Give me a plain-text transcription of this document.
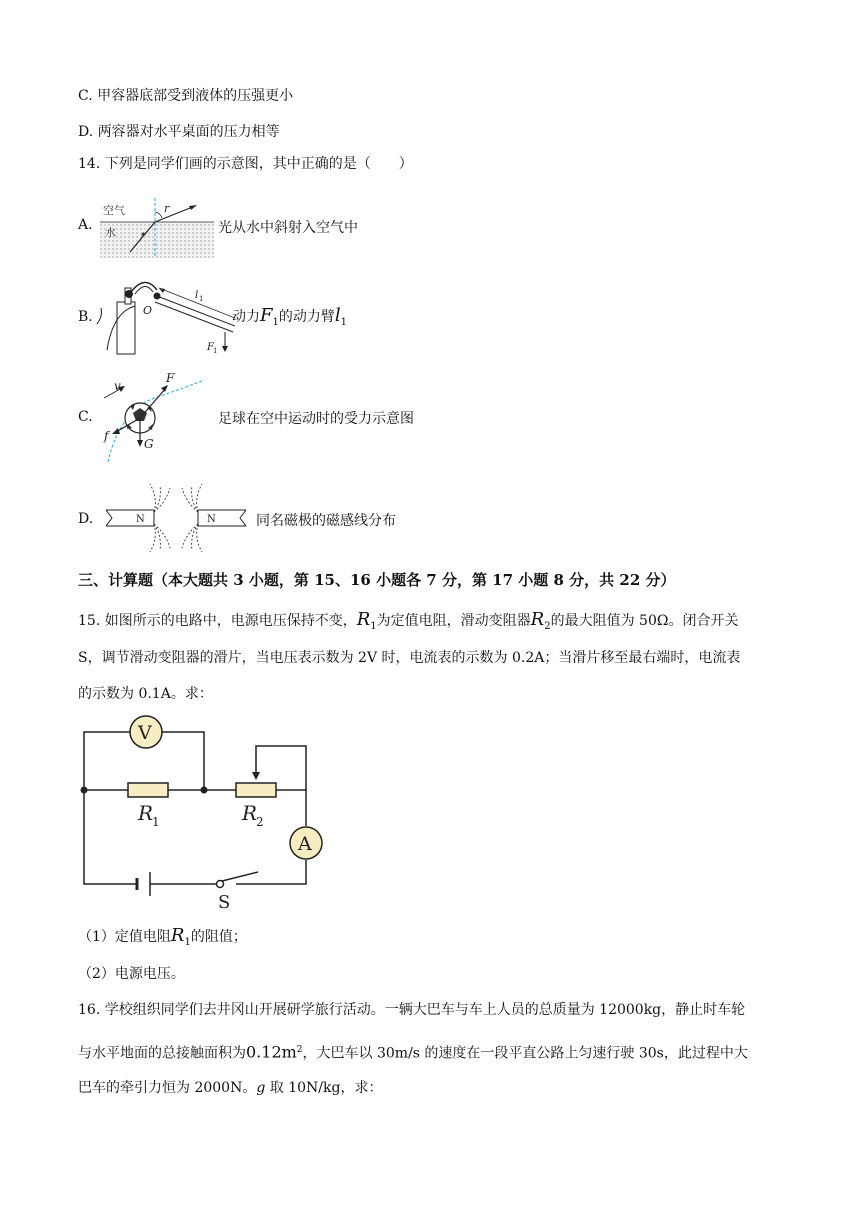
C. 甲容器底部受到液体的压强更小
D. 两容器对水平桌面的压力相等
14. 下列是同学们画的示意图，其中正确的是（　　）
A.
空气
水
r
光从水中斜射入空气中
B.	O
l 1
F 1
动力$F_1$的动力臂$l_1$
C.
v
F
f
G
足球在空中运动时的受力示意图
D.	N	N	同名磁极的磁感线分布
三、计算题（本大题共 3 小题，第 15、16 小题各 7 分，第 17 小题 8 分，共 22 分）
15. 如图所示的电路中，电源电压保持不变，$R_1$为定值电阻，滑动变阻器$R_2$的最大阻值为 50Ω。闭合开关
S，调节滑动变阻器的滑片，当电压表示数为 2V 时，电流表的示数为 0.2A；当滑片移至最右端时，电流表
的示数为 0.1A。求：
V
A
R
1	R
2
S
（1）定值电阻$R_1$的阻值；
（2）电源电压。
16. 学校组织同学们去井冈山开展研学旅行活动。一辆大巴车与车上人员的总质量为 12000kg，静止时车轮
与水平地面的总接触面积为$0.12m^2$，大巴车以 30m/s 的速度在一段平直公路上匀速行驶 30s，此过程中大
巴车的牵引力恒为 2000N。g 取 10N/kg，求：
